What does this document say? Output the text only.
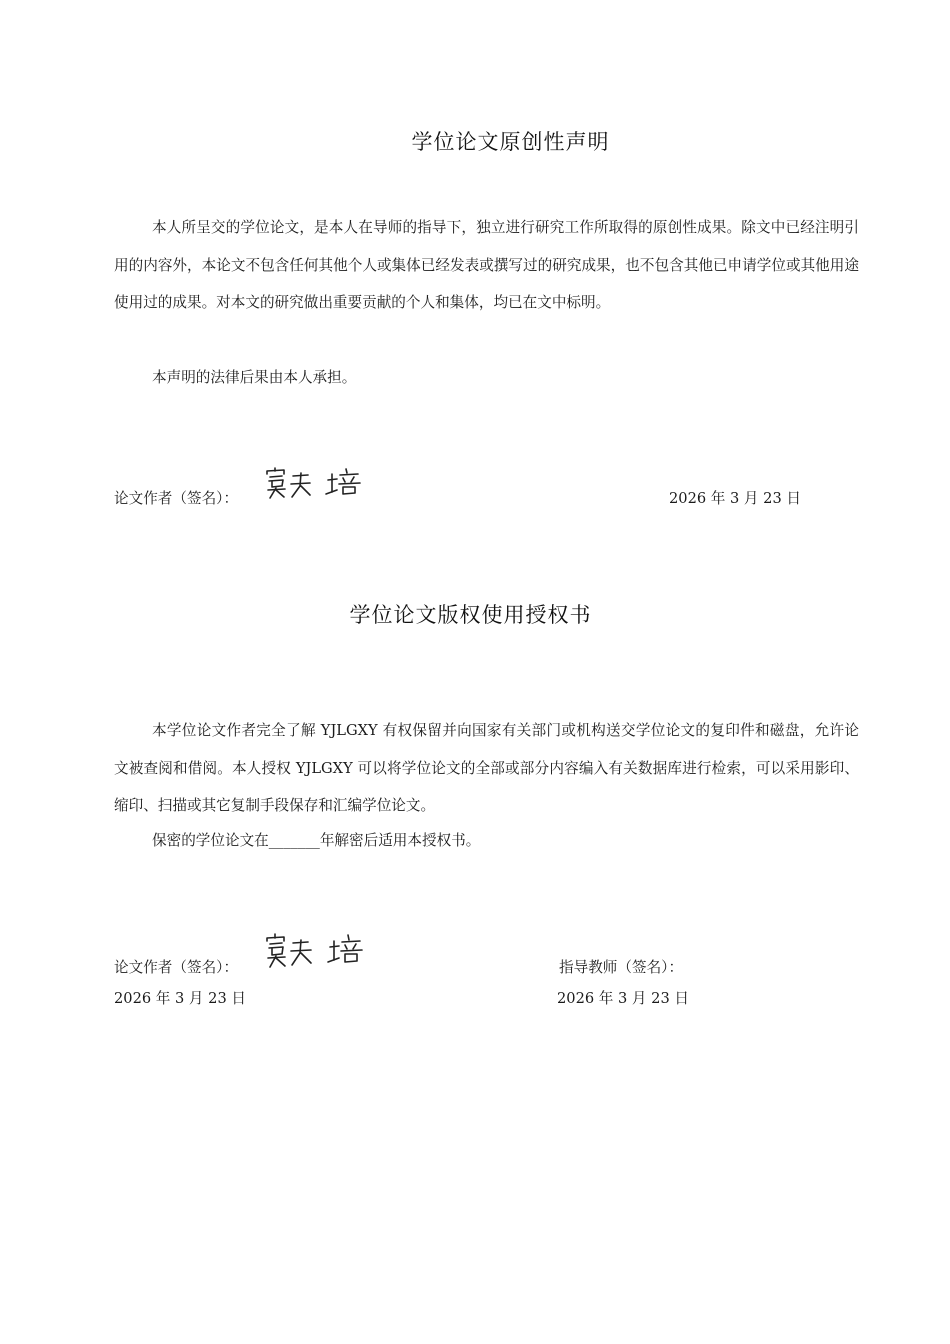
学位论文原创性声明

本人所呈交的学位论文，是本人在导师的指导下，独立进行研究工作所取得的原创性成果。除文中已经注明引用的内容外，本论文不包含任何其他个人或集体已经发表或撰写过的研究成果，也不包含其他已申请学位或其他用途使用过的成果。对本文的研究做出重要贡献的个人和集体，均已在文中标明。

本声明的法律后果由本人承担。

论文作者（签名）：	2026 年 3 月 23 日
学位论文版权使用授权书

本学位论文作者完全了解 YJLGXY 有权保留并向国家有关部门或机构送交学位论文的复印件和磁盘，允许论文被查阅和借阅。本人授权 YJLGXY 可以将学位论文的全部或部分内容编入有关数据库进行检索，可以采用影印、缩印、扫描或其它复制手段保存和汇编学位论文。

保密的学位论文在_______年解密后适用本授权书。

论文作者（签名）：
2026 年 3 月 23 日
指导教师（签名）：
2026 年 3 月 23 日
